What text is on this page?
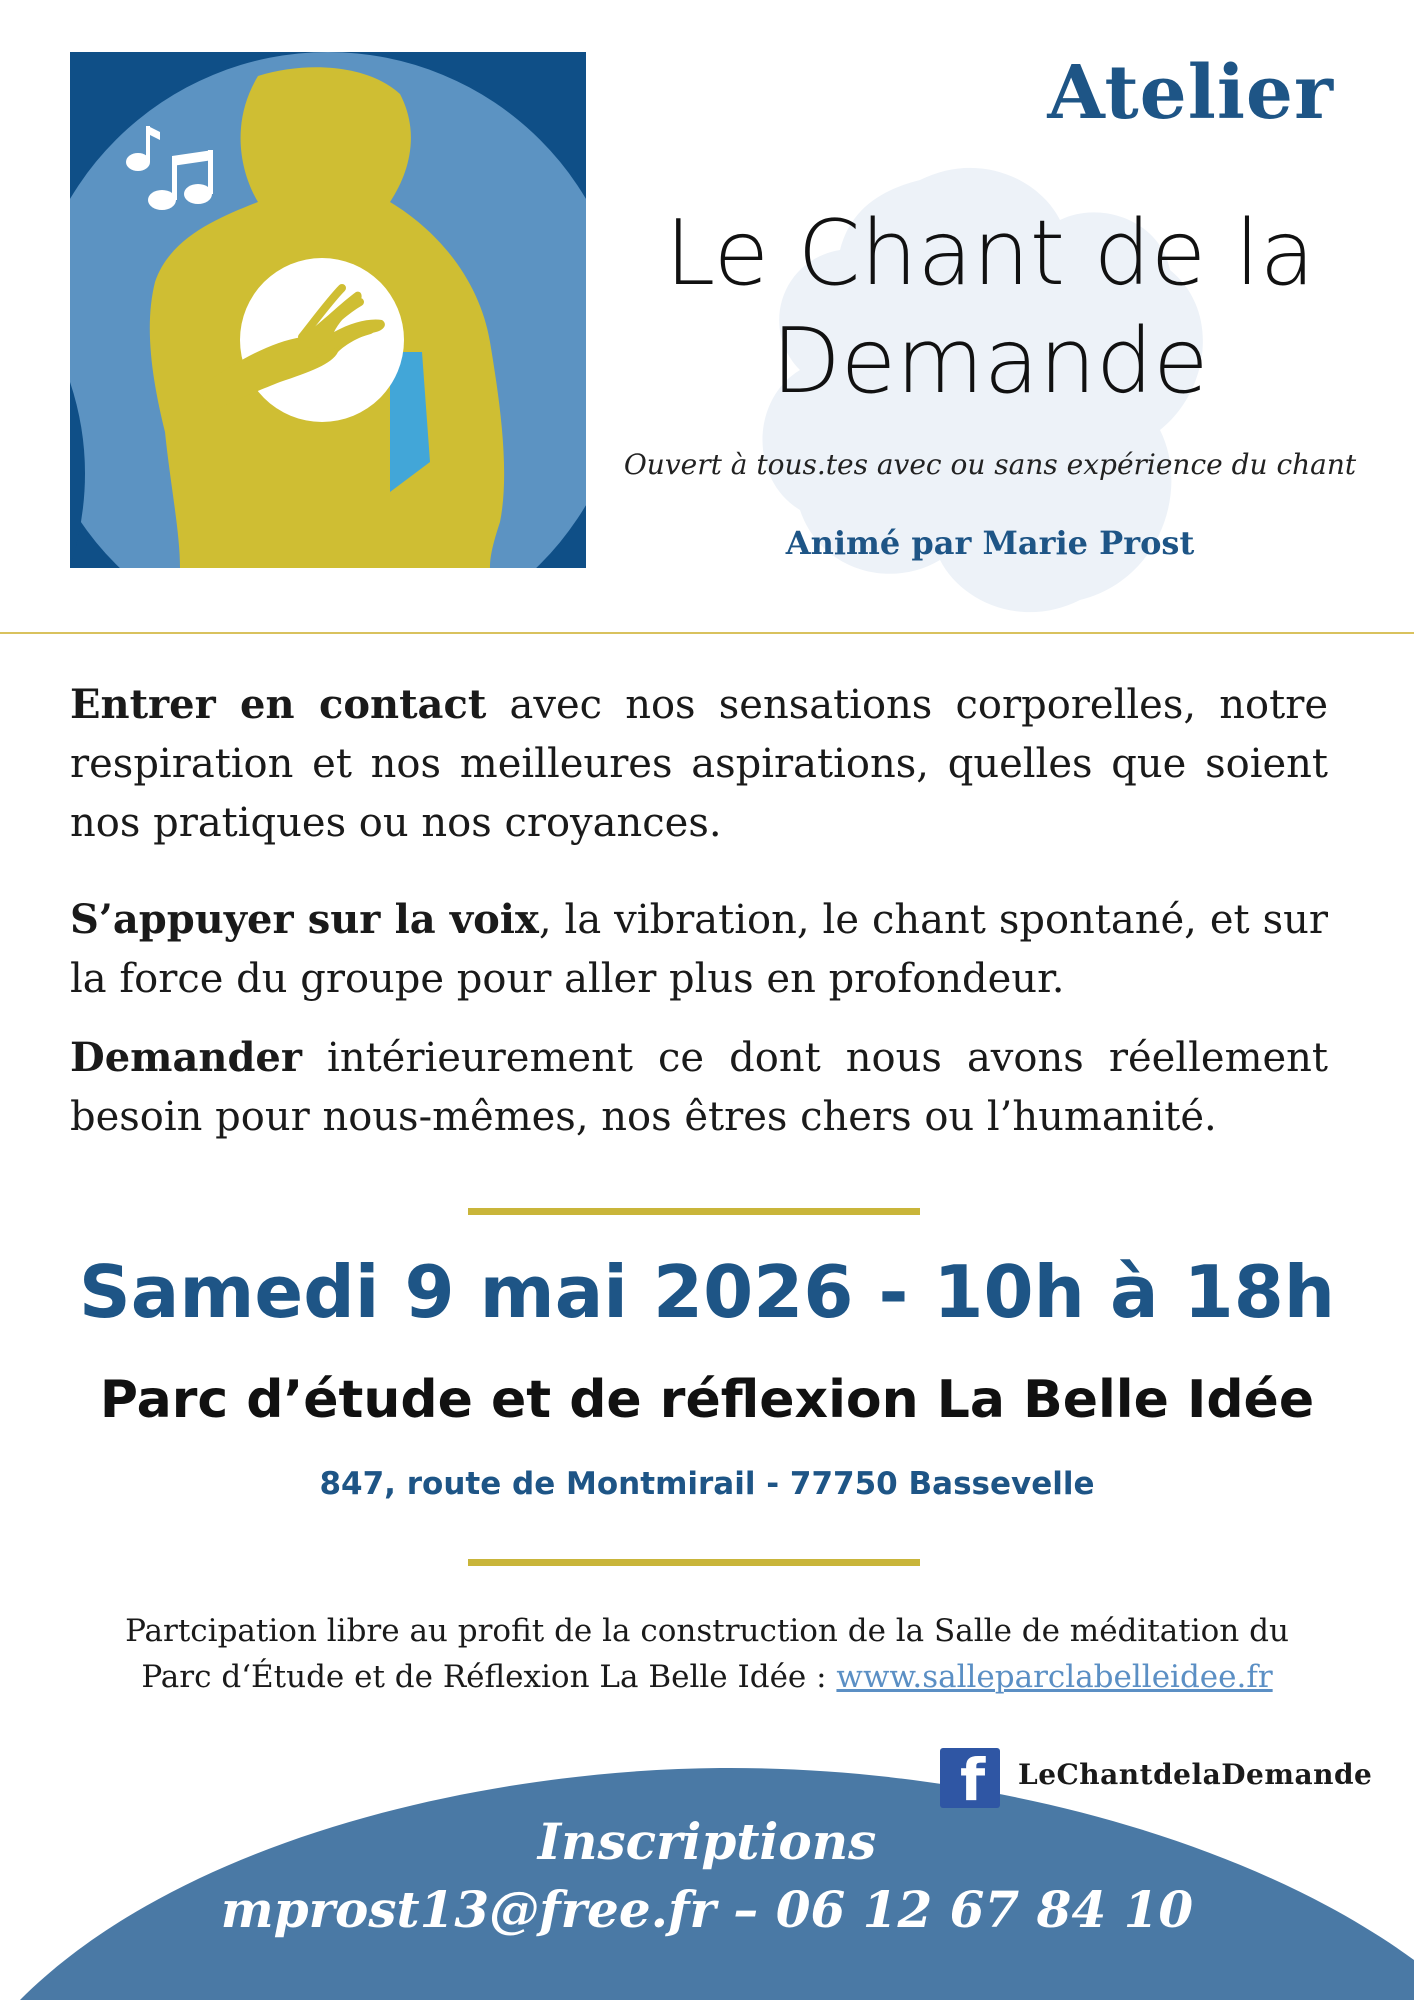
Atelier
Le Chant de la
Demande
Ouvert à tous.tes avec ou sans expérience du chant
Animé par Marie Prost
Entrer en contact avec nos sensations corporelles, notre respiration et nos meilleures aspirations, quelles que soient nos pratiques ou nos croyances.
S’appuyer sur la voix, la vibration, le chant spontané, et sur la force du groupe pour aller plus en profondeur.
Demander intérieurement ce dont nous avons réellement besoin pour nous-mêmes, nos êtres chers ou l’humanité.
Samedi 9 mai 2026 - 10h à 18h
Parc d’étude et de réflexion La Belle Idée
847, route de Montmirail - 77750 Bassevelle
Partcipation libre au profit de la construction de la Salle de méditation du
Parc d‘Étude et de Réflexion La Belle Idée : www.salleparclabelleidee.fr
f LeChantdelaDemande
Inscriptions
mprost13@free.fr – 06 12 67 84 10
